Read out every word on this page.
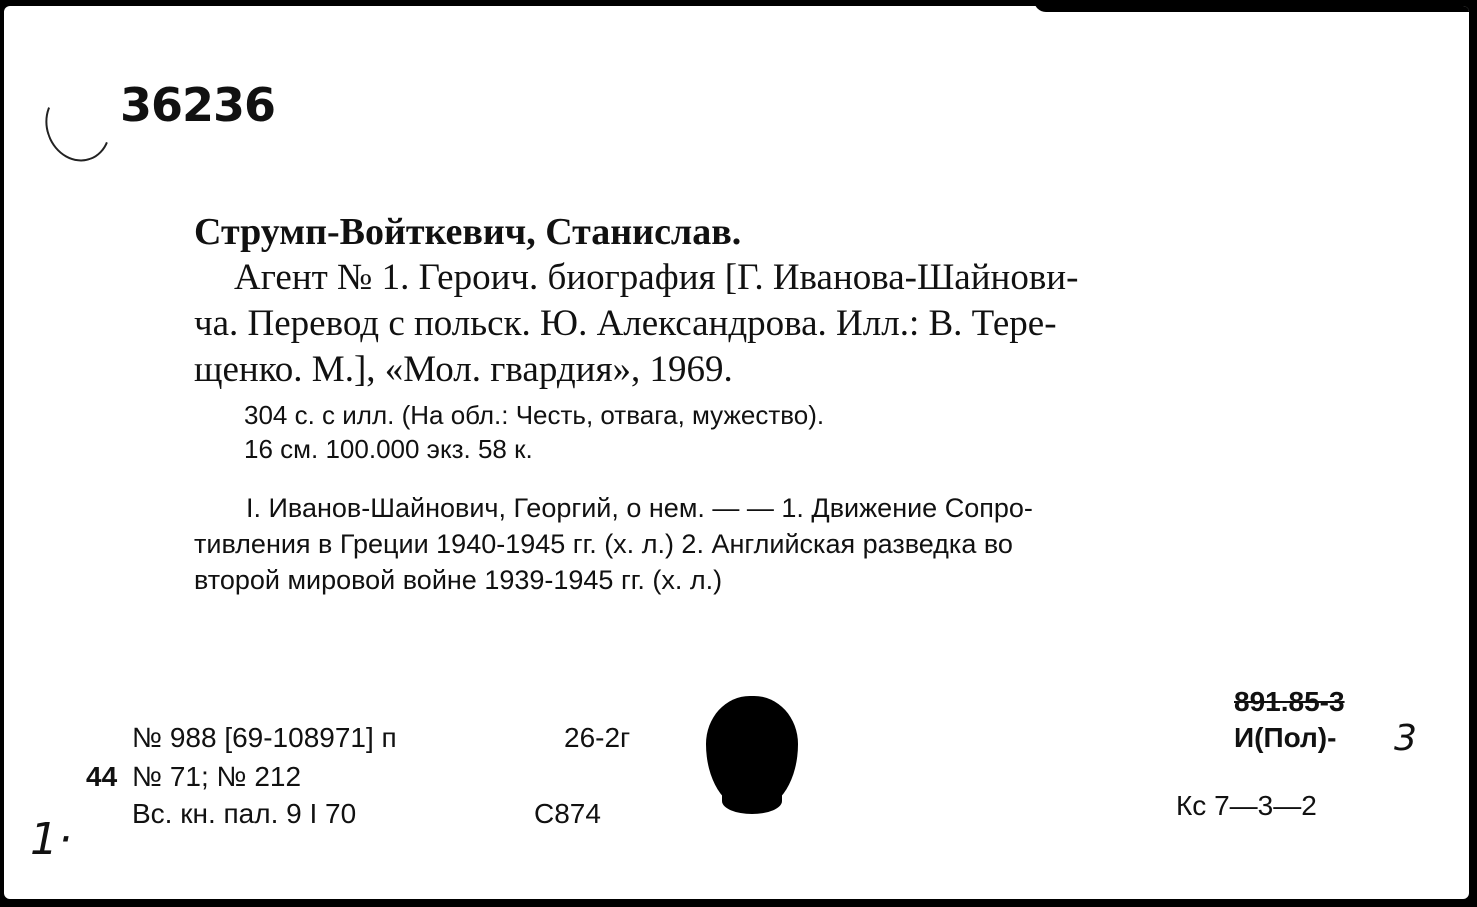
36236
Струмп-Войткевич, Станислав.
Агент № 1. Героич. биография [Г. Иванова-Шайнови-
ча. Перевод с польск. Ю. Александрова. Илл.: В. Тере-
щенко. М.], «Мол. гвардия», 1969.
304 с. с илл. (На обл.: Честь, отвага, мужество).
16 см. 100.000 экз. 58 к.
I. Иванов-Шайнович, Георгий, о нем. — — 1. Движение Сопро-
тивления в Греции 1940-1945 гг. (х. л.) 2. Английская разведка во
второй мировой войне 1939-1945 гг. (х. л.)
№ 988 [69-108971] п	26-2г
44 № 71; № 212
Вс. кн. пал. 9 I 70	С874
891.85-3
И(Пол)- 3
Кс 7—3—2
1·
